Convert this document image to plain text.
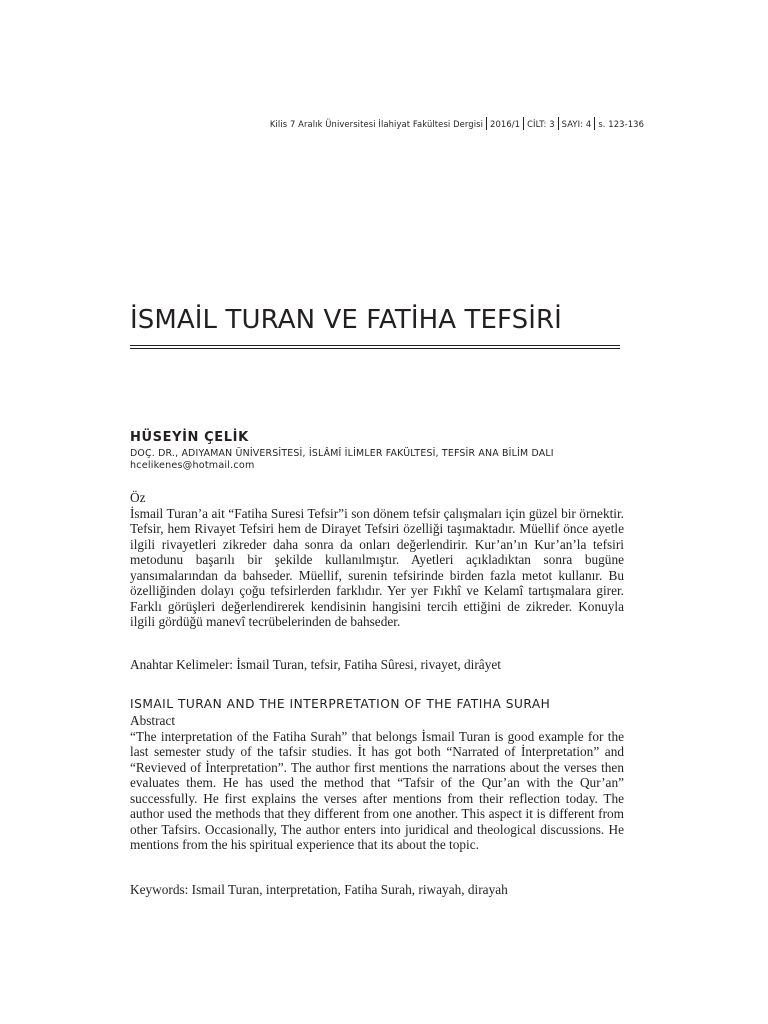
Kilis 7 Aralık Üniversitesi İlahiyat Fakültesi Dergisi 2016/1 CİLT: 3 SAYI: 4 s. 123-136
İSMAİL TURAN VE FATİHA TEFSİRİ
HÜSEYİN ÇELİK
DOÇ. DR., ADIYAMAN ÜNİVERSİTESİ, İSLÂMÎ İLİMLER FAKÜLTESİ, TEFSİR ANA BİLİM DALI
hcelikenes@hotmail.com

Öz

İsmail Turan’a ait “Fatiha Suresi Tefsir”i son dönem tefsir çalışmaları için güzel bir örnektir. Tefsir, hem Rivayet Tefsiri hem de Dirayet Tefsiri özelliği taşımaktadır. Müellif önce ayetle ilgili rivayetleri zikreder daha sonra da onları değerlendirir. Kur’an’ın Kur’an’la tefsiri metodunu başarılı bir şekilde kullanılmıştır. Ayetleri açıkladıktan sonra bugüne yansımalarından da bahseder. Müellif, surenin tefsirinde birden fazla metot kullanır. Bu özelliğinden dolayı çoğu tefsirlerden farklıdır. Yer yer Fıkhî ve Kelamî tartışmalara girer. Farklı görüşleri değerlendirerek kendisinin hangisini tercih ettiğini de zikreder. Konuyla ilgili gördüğü manevî tecrübelerinden de bahseder.

Anahtar Kelimeler: İsmail Turan, tefsir, Fatiha Sûresi, rivayet, dirâyet

ISMAIL TURAN AND THE INTERPRETATION OF THE FATIHA SURAH

Abstract

“The interpretation of the Fatiha Surah” that belongs İsmail Turan is good example for the last semester study of the tafsir studies. İt has got both “Narrated of İnterpretation” and “Revieved of İnterpretation”. The author first mentions the narrations about the verses then evaluates them. He has used the method that “Tafsir of the Qur’an with the Qur’an” successfully. He first explains the verses after mentions from their reflection today. The author used the methods that they different from one another. This aspect it is different from other Tafsirs. Occasionally, The author enters into juridical and theological discussions. He mentions from the his spiritual experience that its about the topic.

Keywords: Ismail Turan, interpretation, Fatiha Surah, riwayah, dirayah
